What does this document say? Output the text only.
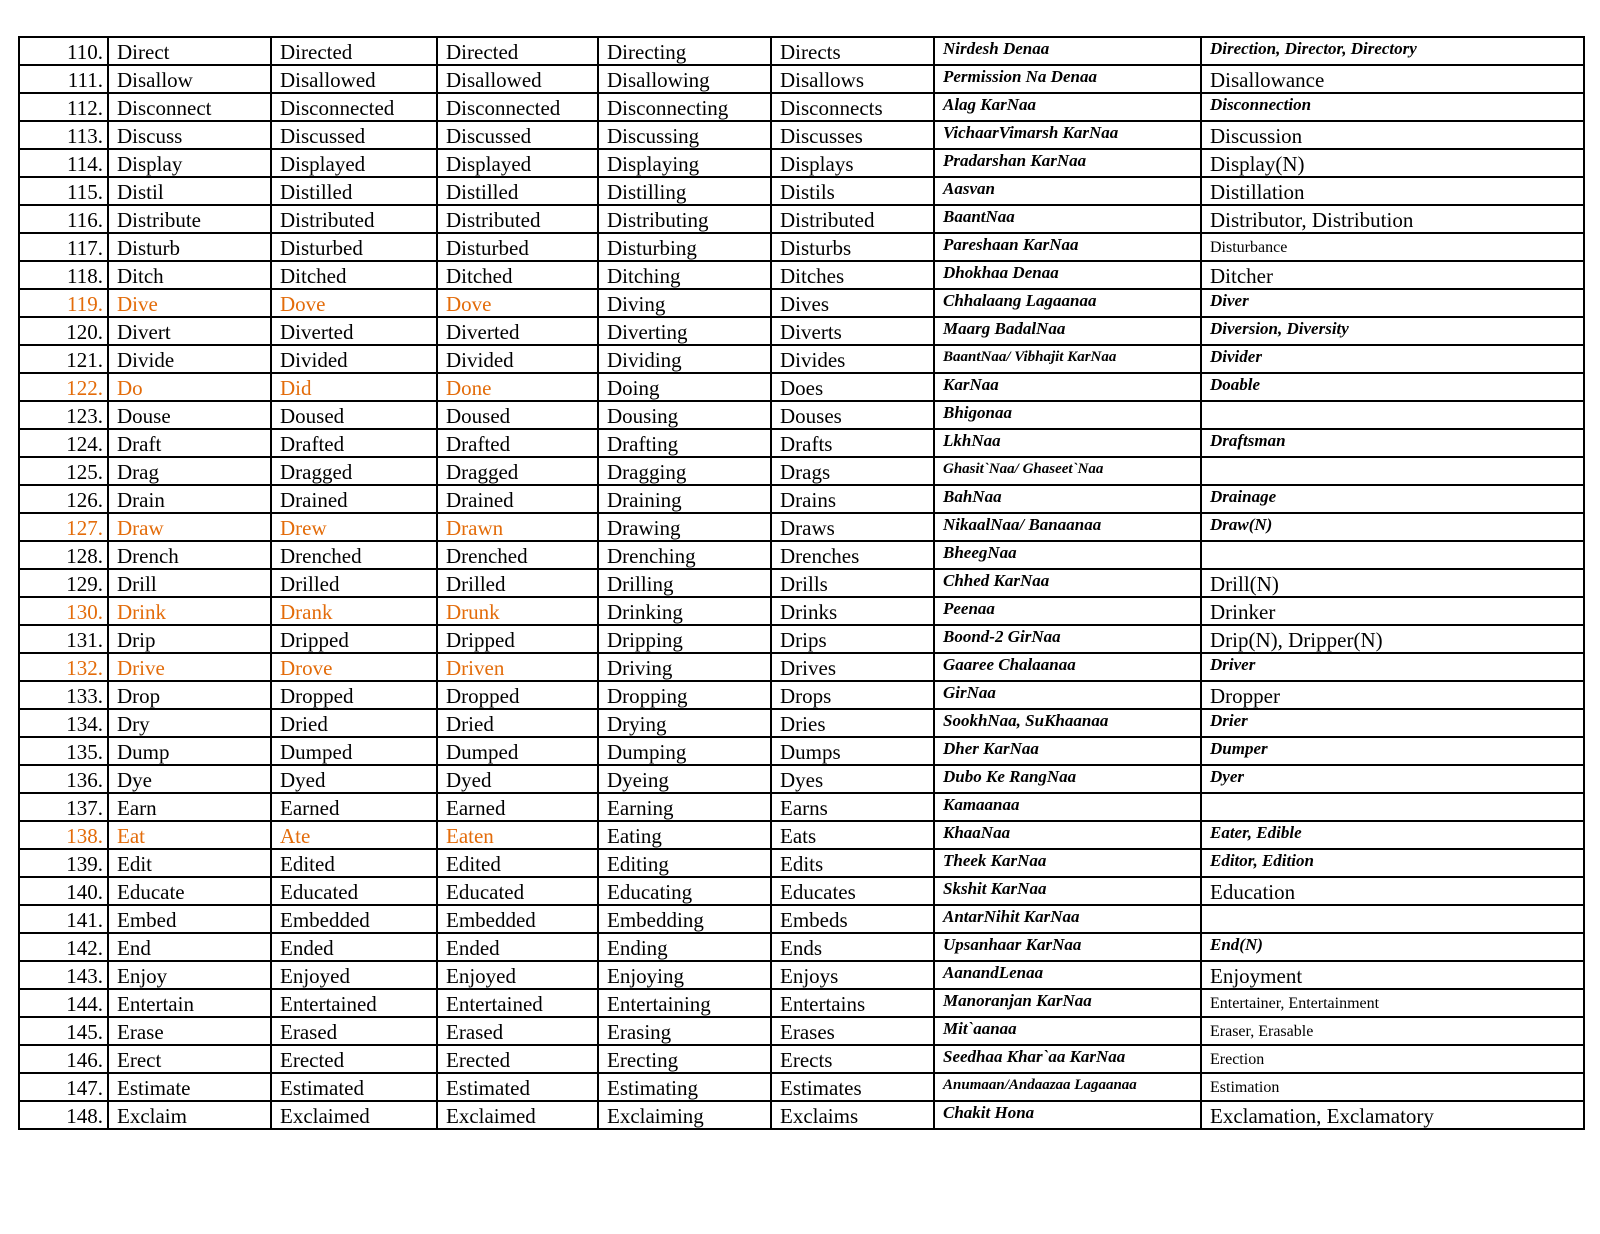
110.	Direct	Directed	Directed	Directing	Directs	Nirdesh Denaa	Direction, Director, Directory
111.	Disallow	Disallowed	Disallowed	Disallowing	Disallows	Permission Na Denaa	Disallowance
112.	Disconnect	Disconnected	Disconnected	Disconnecting	Disconnects	Alag KarNaa	Disconnection
113.	Discuss	Discussed	Discussed	Discussing	Discusses	VichaarVimarsh KarNaa	Discussion
114.	Display	Displayed	Displayed	Displaying	Displays	Pradarshan KarNaa	Display(N)
115.	Distil	Distilled	Distilled	Distilling	Distils	Aasvan	Distillation
116.	Distribute	Distributed	Distributed	Distributing	Distributed	BaantNaa	Distributor, Distribution
117.	Disturb	Disturbed	Disturbed	Disturbing	Disturbs	Pareshaan KarNaa	Disturbance
118.	Ditch	Ditched	Ditched	Ditching	Ditches	Dhokhaa Denaa	Ditcher
119.	Dive	Dove	Dove	Diving	Dives	Chhalaang Lagaanaa	Diver
120.	Divert	Diverted	Diverted	Diverting	Diverts	Maarg BadalNaa	Diversion, Diversity
121.	Divide	Divided	Divided	Dividing	Divides	BaantNaa/ Vibhajit KarNaa	Divider
122.	Do	Did	Done	Doing	Does	KarNaa	Doable
123.	Douse	Doused	Doused	Dousing	Douses	Bhigonaa	
124.	Draft	Drafted	Drafted	Drafting	Drafts	LkhNaa	Draftsman
125.	Drag	Dragged	Dragged	Dragging	Drags	Ghasit`Naa/ Ghaseet`Naa	
126.	Drain	Drained	Drained	Draining	Drains	BahNaa	Drainage
127.	Draw	Drew	Drawn	Drawing	Draws	NikaalNaa/ Banaanaa	Draw(N)
128.	Drench	Drenched	Drenched	Drenching	Drenches	BheegNaa	
129.	Drill	Drilled	Drilled	Drilling	Drills	Chhed KarNaa	Drill(N)
130.	Drink	Drank	Drunk	Drinking	Drinks	Peenaa	Drinker
131.	Drip	Dripped	Dripped	Dripping	Drips	Boond-2 GirNaa	Drip(N), Dripper(N)
132.	Drive	Drove	Driven	Driving	Drives	Gaaree Chalaanaa	Driver
133.	Drop	Dropped	Dropped	Dropping	Drops	GirNaa	Dropper
134.	Dry	Dried	Dried	Drying	Dries	SookhNaa, SuKhaanaa	Drier
135.	Dump	Dumped	Dumped	Dumping	Dumps	Dher KarNaa	Dumper
136.	Dye	Dyed	Dyed	Dyeing	Dyes	Dubo Ke RangNaa	Dyer
137.	Earn	Earned	Earned	Earning	Earns	Kamaanaa	
138.	Eat	Ate	Eaten	Eating	Eats	KhaaNaa	Eater, Edible
139.	Edit	Edited	Edited	Editing	Edits	Theek KarNaa	Editor, Edition
140.	Educate	Educated	Educated	Educating	Educates	Skshit KarNaa	Education
141.	Embed	Embedded	Embedded	Embedding	Embeds	AntarNihit KarNaa	
142.	End	Ended	Ended	Ending	Ends	Upsanhaar KarNaa	End(N)
143.	Enjoy	Enjoyed	Enjoyed	Enjoying	Enjoys	AanandLenaa	Enjoyment
144.	Entertain	Entertained	Entertained	Entertaining	Entertains	Manoranjan KarNaa	Entertainer, Entertainment
145.	Erase	Erased	Erased	Erasing	Erases	Mit`aanaa	Eraser, Erasable
146.	Erect	Erected	Erected	Erecting	Erects	Seedhaa Khar`aa KarNaa	Erection
147.	Estimate	Estimated	Estimated	Estimating	Estimates	Anumaan/Andaazaa Lagaanaa	Estimation
148.	Exclaim	Exclaimed	Exclaimed	Exclaiming	Exclaims	Chakit Hona	Exclamation, Exclamatory
